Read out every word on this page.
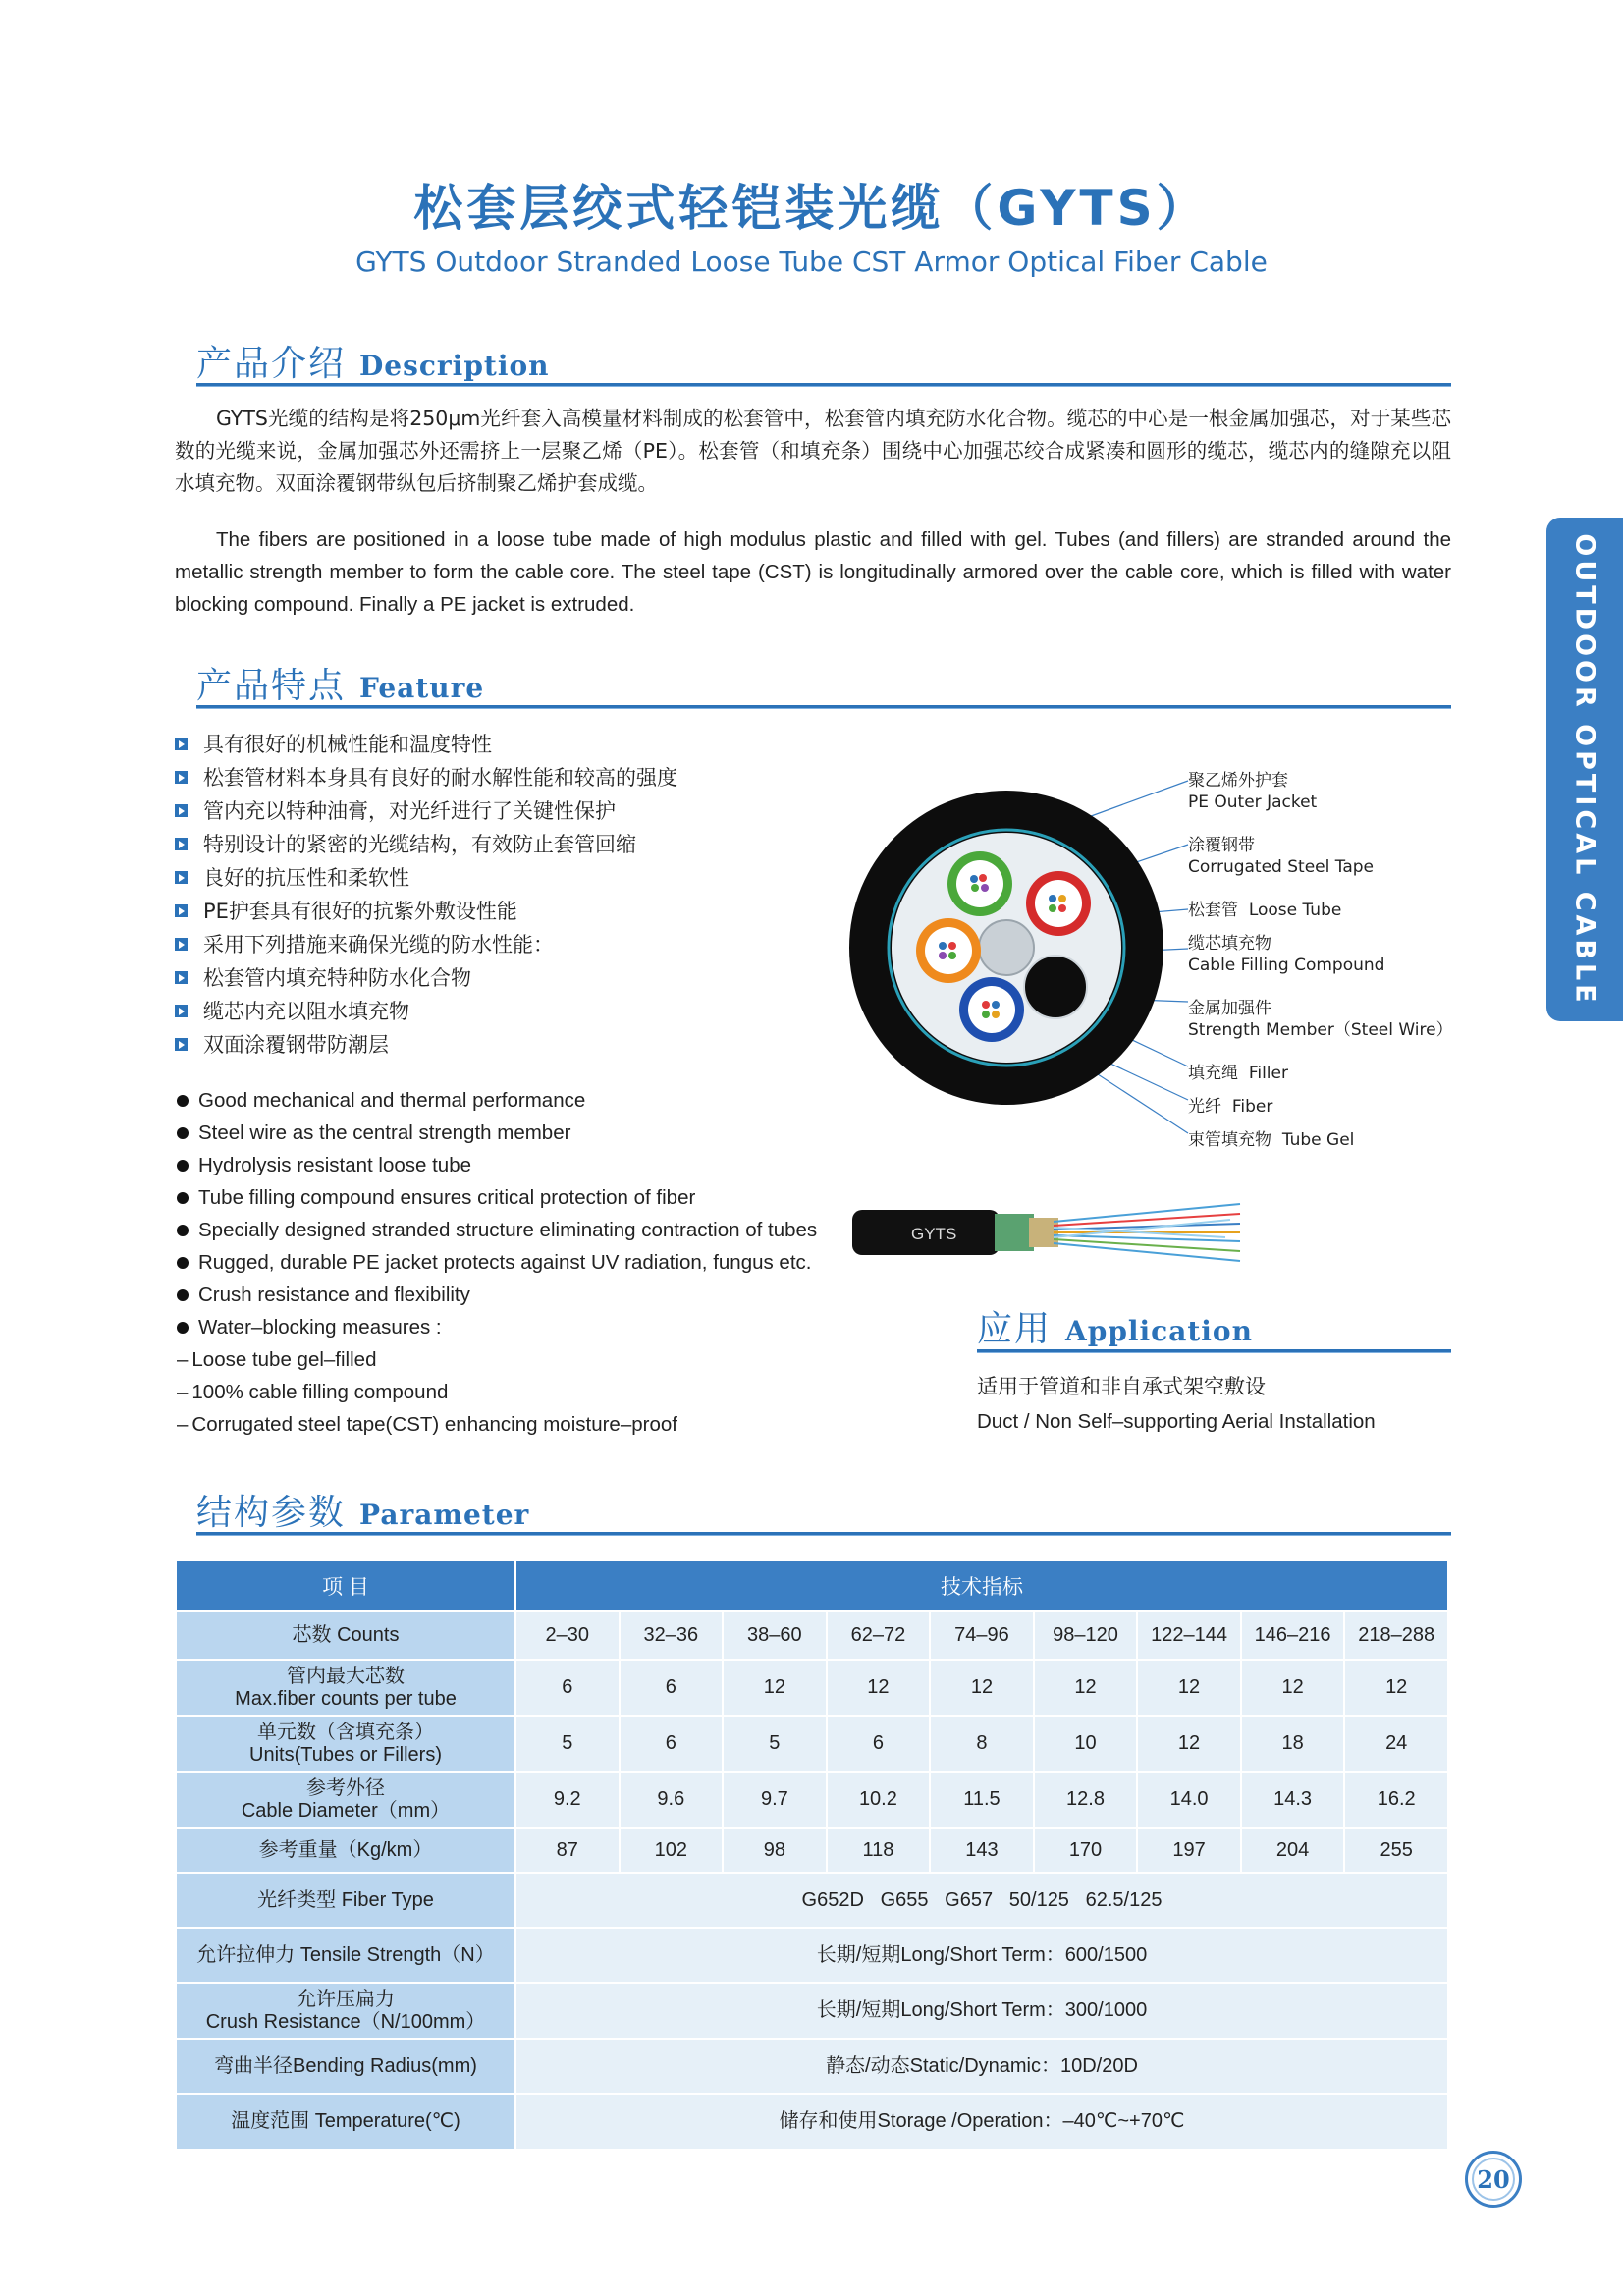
松套层绞式轻铠装光缆（GYTS）
GYTS Outdoor Stranded Loose Tube CST Armor Optical Fiber Cable
OUTDOOR OPTICAL CABLE
产品介绍 Description
GYTS光缆的结构是将250μm光纤套入高模量材料制成的松套管中，松套管内填充防水化合物。缆芯的中心是一根金属加强芯，对于某些芯数的光缆来说，金属加强芯外还需挤上一层聚乙烯（PE）。松套管（和填充条）围绕中心加强芯绞合成紧凑和圆形的缆芯，缆芯内的缝隙充以阻水填充物。双面涂覆钢带纵包后挤制聚乙烯护套成缆。
The fibers are positioned in a loose tube made of high modulus plastic and filled with gel. Tubes (and fillers) are stranded around the metallic strength member to form the cable core. The steel tape (CST) is longitudinally armored over the cable core, which is filled with water blocking compound. Finally a PE jacket is extruded.
产品特点 Feature
具有很好的机械性能和温度特性
松套管材料本身具有良好的耐水解性能和较高的强度
管内充以特种油膏，对光纤进行了关键性保护
特别设计的紧密的光缆结构，有效防止套管回缩
良好的抗压性和柔软性
PE护套具有很好的抗紫外敷设性能
采用下列措施来确保光缆的防水性能：
松套管内填充特种防水化合物
缆芯内充以阻水填充物
双面涂覆钢带防潮层
Good mechanical and thermal performance
Steel wire as the central strength member
Hydrolysis resistant loose tube
Tube filling compound ensures critical protection of fiber
Specially designed stranded structure eliminating contraction of tubes
Rugged, durable PE jacket protects against UV radiation, fungus etc.
Crush resistance and flexibility
Water–blocking measures :
– Loose tube gel–filled
– 100% cable filling compound
– Corrugated steel tape(CST) enhancing moisture–proof
聚乙烯外护套
PE Outer Jacket
涂覆钢带
Corrugated Steel Tape
松套管 Loose Tube
缆芯填充物
Cable Filling Compound
金属加强件
Strength Member（Steel Wire）
填充绳 Filler
光纤 Fiber
束管填充物 Tube Gel
GYTS
应用 Application
适用于管道和非自承式架空敷设
Duct / Non Self–supporting Aerial Installation
结构参数 Parameter
项 目	技术指标								
芯数 Counts	2–30	32–36	38–60	62–72	74–96	98–120	122–144	146–216	218–288

管内最大芯数
Max.fiber counts per tube	6	6	12	12	12	12	12	12	12

单元数（含填充条）
Units(Tubes or Fillers)	5	6	5	6	8	10	12	18	24

参考外径
Cable Diameter（mm）	9.2	9.6	9.7	10.2	11.5	12.8	14.0	14.3	16.2
参考重量（Kg/km）	87	102	98	118	143	170	197	204	255
光纤类型 Fiber Type	G652D   G655   G657   50/125   62.5/125								
允许拉伸力 Tensile Strength（N）	长期/短期Long/Short Term：600/1500								

允许压扁力
Crush Resistance（N/100mm）	长期/短期Long/Short Term：300/1000								
弯曲半径Bending Radius(mm)	静态/动态Static/Dynamic：10D/20D								
温度范围 Temperature(℃)	储存和使用Storage /Operation：–40℃~+70℃								
20
